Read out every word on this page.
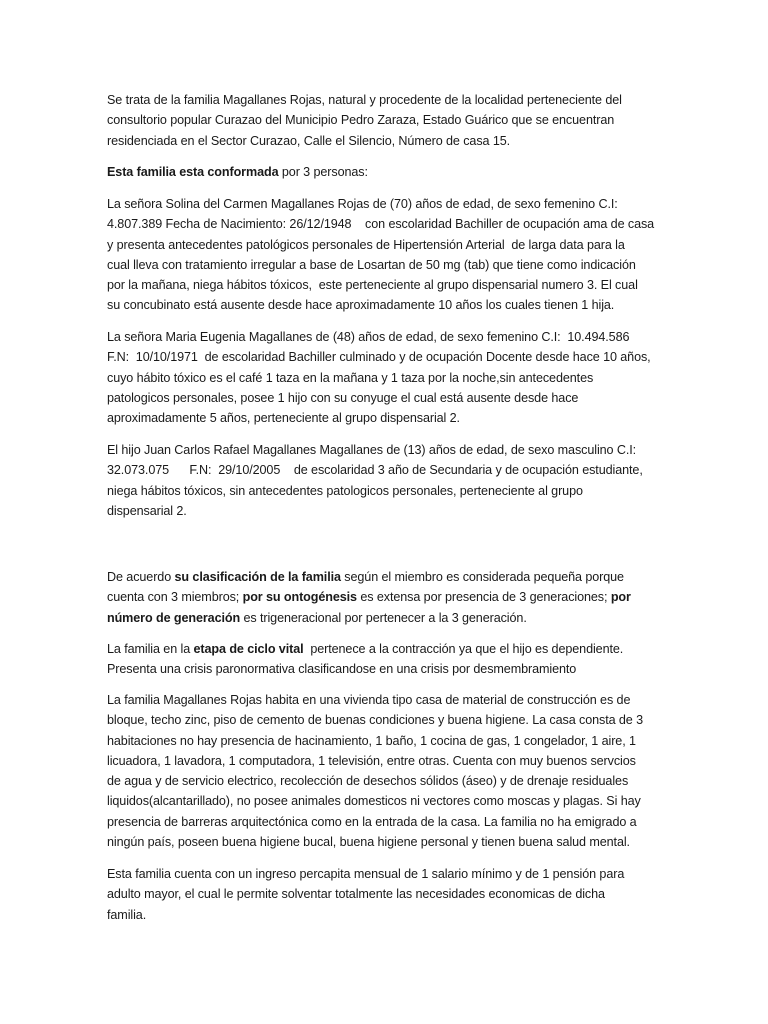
Se trata de la familia Magallanes Rojas, natural y procedente de la localidad perteneciente del
consultorio popular Curazao del Municipio Pedro Zaraza, Estado Guárico que se encuentran
residenciada en el Sector Curazao, Calle el Silencio, Número de casa 15.

Esta familia esta conformada por 3 personas:

La señora Solina del Carmen Magallanes Rojas de (70) años de edad, de sexo femenino C.I:
4.807.389 Fecha de Nacimiento: 26/12/1948    con escolaridad Bachiller de ocupación ama de casa
y presenta antecedentes patológicos personales de Hipertensión Arterial  de larga data para la
cual lleva con tratamiento irregular a base de Losartan de 50 mg (tab) que tiene como indicación
por la mañana, niega hábitos tóxicos,  este perteneciente al grupo dispensarial numero 3. El cual
su concubinato está ausente desde hace aproximadamente 10 años los cuales tienen 1 hija.

La señora Maria Eugenia Magallanes de (48) años de edad, de sexo femenino C.I:  10.494.586
F.N:  10/10/1971  de escolaridad Bachiller culminado y de ocupación Docente desde hace 10 años,
cuyo hábito tóxico es el café 1 taza en la mañana y 1 taza por la noche,sin antecedentes
patologicos personales, posee 1 hijo con su conyuge el cual está ausente desde hace
aproximadamente 5 años, perteneciente al grupo dispensarial 2.

El hijo Juan Carlos Rafael Magallanes Magallanes de (13) años de edad, de sexo masculino C.I:
32.073.075      F.N:  29/10/2005    de escolaridad 3 año de Secundaria y de ocupación estudiante,
niega hábitos tóxicos, sin antecedentes patologicos personales, perteneciente al grupo
dispensarial 2.

De acuerdo su clasificación de la familia según el miembro es considerada pequeña porque
cuenta con 3 miembros; por su ontogénesis es extensa por presencia de 3 generaciones; por
número de generación es trigeneracional por pertenecer a la 3 generación.

La familia en la etapa de ciclo vital  pertenece a la contracción ya que el hijo es dependiente.
Presenta una crisis paronormativa clasificandose en una crisis por desmembramiento

La familia Magallanes Rojas habita en una vivienda tipo casa de material de construcción es de
bloque, techo zinc, piso de cemento de buenas condiciones y buena higiene. La casa consta de 3
habitaciones no hay presencia de hacinamiento, 1 baño, 1 cocina de gas, 1 congelador, 1 aire, 1
licuadora, 1 lavadora, 1 computadora, 1 televisión, entre otras. Cuenta con muy buenos servcios
de agua y de servicio electrico, recolección de desechos sólidos (áseo) y de drenaje residuales
liquidos(alcantarillado), no posee animales domesticos ni vectores como moscas y plagas. Si hay
presencia de barreras arquitectónica como en la entrada de la casa. La familia no ha emigrado a
ningún país, poseen buena higiene bucal, buena higiene personal y tienen buena salud mental.

Esta familia cuenta con un ingreso percapita mensual de 1 salario mínimo y de 1 pensión para
adulto mayor, el cual le permite solventar totalmente las necesidades economicas de dicha
familia.
